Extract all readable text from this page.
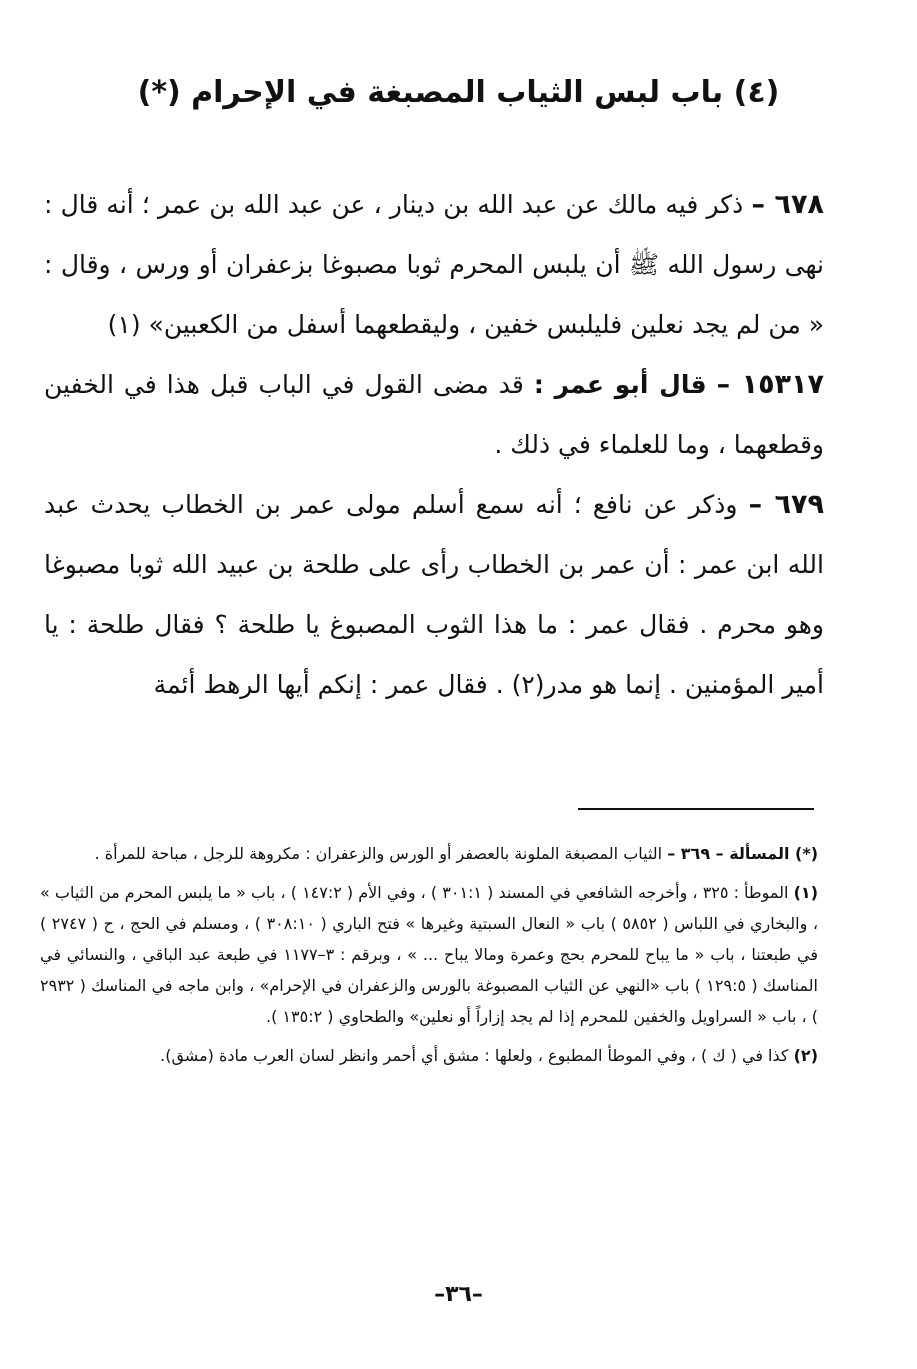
(٤) باب لبس الثياب المصبغة في الإحرام (*)

٦٧٨ – ذكر فيه مالك عن عبد الله بن دينار ، عن عبد الله بن عمر ؛ أنه قال : نهى رسول الله ﷺ أن يلبس المحرم ثوبا مصبوغا بزعفران أو ورس ، وقال : « من لم يجد نعلين فليلبس خفين ، وليقطعهما أسفل من الكعبين» (١)

١٥٣١٧ – قال أبو عمر : قد مضى القول في الباب قبل هذا في الخفين وقطعهما ، وما للعلماء في ذلك .

٦٧٩ – وذكر عن نافع ؛ أنه سمع أسلم مولى عمر بن الخطاب يحدث عبد الله ابن عمر : أن عمر بن الخطاب رأى على طلحة بن عبيد الله ثوبا مصبوغا وهو محرم . فقال عمر : ما هذا الثوب المصبوغ يا طلحة ؟ فقال طلحة : يا أمير المؤمنين . إنما هو مدر(٢) . فقال عمر : إنكم أيها الرهط أئمة

(*) المسألة – ٣٦٩ – الثياب المصبغة الملونة بالعصفر أو الورس والزعفران : مكروهة للرجل ، مباحة للمرأة .

(١) الموطأ : ٣٢٥ ، وأخرجه الشافعي في المسند ( ٣٠١:١ ) ، وفي الأم ( ١٤٧:٢ ) ، باب « ما يلبس المحرم من الثياب » ، والبخاري في اللباس ( ٥٨٥٢ ) باب « النعال السبتية وغيرها » فتح الباري ( ٣٠٨:١٠ ) ، ومسلم في الحج ، ح ( ٢٧٤٧ ) في طبعتنا ، باب « ما يباح للمحرم بحج وعمرة ومالا يباح ... » ، وبرقم : ٣–١١٧٧ في طبعة عبد الباقي ، والنسائي في المناسك ( ١٢٩:٥ ) باب «النهي عن الثياب المصبوغة بالورس والزعفران في الإحرام» ، وابن ماجه في المناسك ( ٢٩٣٢ ) ، باب « السراويل والخفين للمحرم إذا لم يجد إزاراً أو نعلين» والطحاوي ( ١٣٥:٢ ).

(٢) كذا في ( ك ) ، وفي الموطأ المطبوع ، ولعلها : مشق أي أحمر وانظر لسان العرب مادة (مشق).

–٣٦–
